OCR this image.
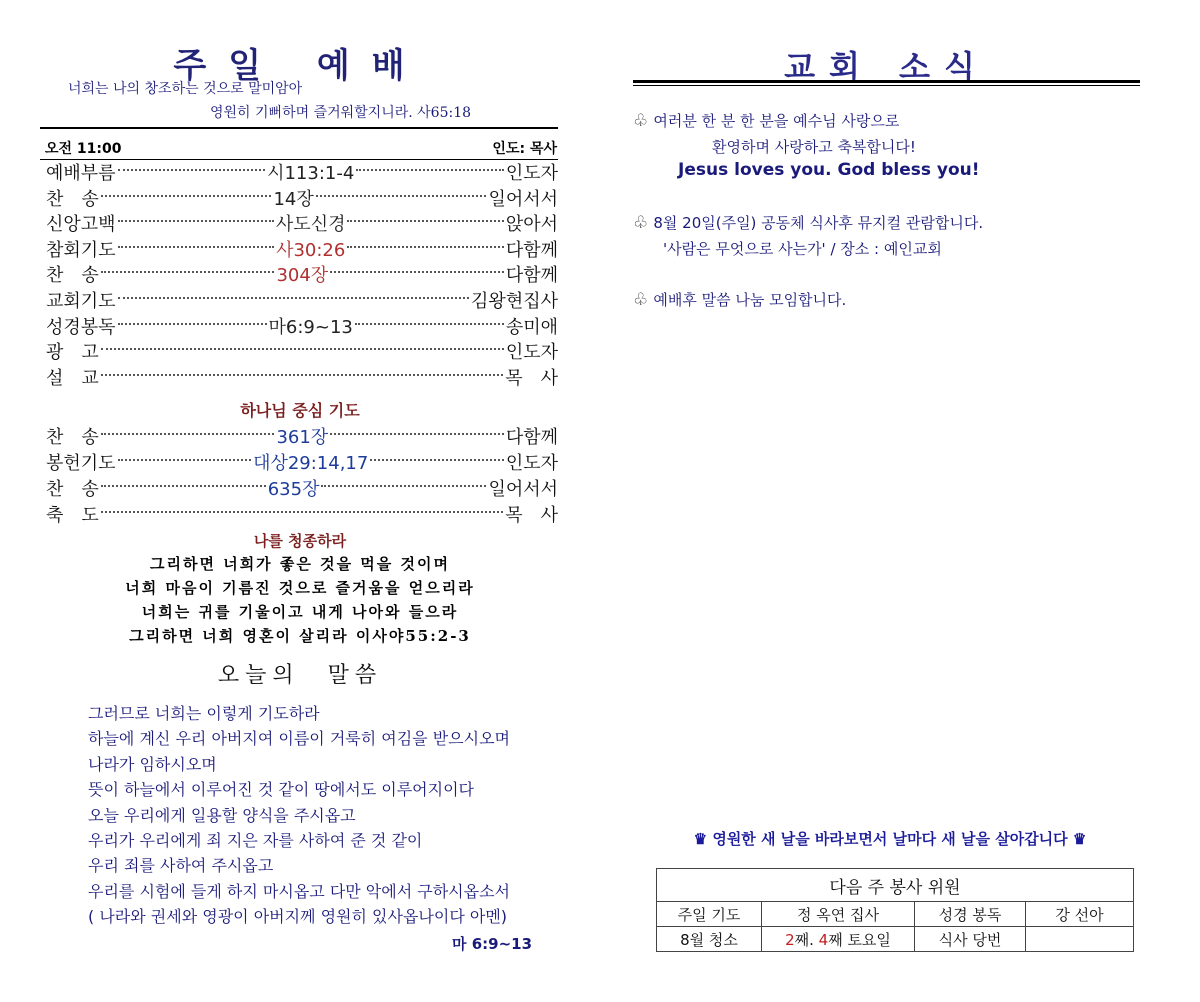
주일 예배
너희는 나의 창조하는 것으로 말미암아
영원히 기뻐하며 즐거워할지니라. 사65:18
오전 11:00	인도: 목사
예배부름	시113:1-4	인도자
찬　송	14장	일어서서
신앙고백	사도신경	앉아서
참회기도	사30:26	다함께
찬　송	304장	다함께
교회기도	김왕현집사
성경봉독	마6:9~13	송미애
광　고	인도자
설　교	목　사
하나님 중심 기도
찬　송	361장	다함께
봉헌기도	대상29:14,17	인도자
찬　송	635장	일어서서
축　도	목　사
나를 청종하라
그리하면 너희가 좋은 것을 먹을 것이며
너희 마음이 기름진 것으로 즐거움을 얻으리라
너희는 귀를 기울이고 내게 나아와 들으라
그리하면 너희 영혼이 살리라 이사야55:2-3
오늘의　말씀
그러므로 너희는 이렇게 기도하라
하늘에 계신 우리 아버지여 이름이 거룩히 여김을 받으시오며
나라가 임하시오며
뜻이 하늘에서 이루어진 것 같이 땅에서도 이루어지이다
오늘 우리에게 일용할 양식을 주시옵고
우리가 우리에게 죄 지은 자를 사하여 준 것 같이
우리 죄를 사하여 주시옵고
우리를 시험에 들게 하지 마시옵고 다만 악에서 구하시옵소서
( 나라와 권세와 영광이 아버지께 영원히 있사옵나이다 아멘)
마 6:9~13
교회 소식
♧ 여러분 한 분 한 분을 예수님 사랑으로
환영하며 사랑하고 축복합니다!
Jesus loves you. God bless you!
♧ 8월 20일(주일) 공동체 식사후 뮤지컬 관람합니다.
'사람은 무엇으로 사는가' / 장소 : 예인교회
♧ 예배후 말씀 나눔 모임합니다.
♛ 영원한 새 날을 바라보면서 날마다 새 날을 살아갑니다 ♛
다음 주 봉사 위원			
주일 기도	정 옥연 집사	성경 봉독	강 선아
8월 청소	2째. 4째 토요일	식사 당번	
